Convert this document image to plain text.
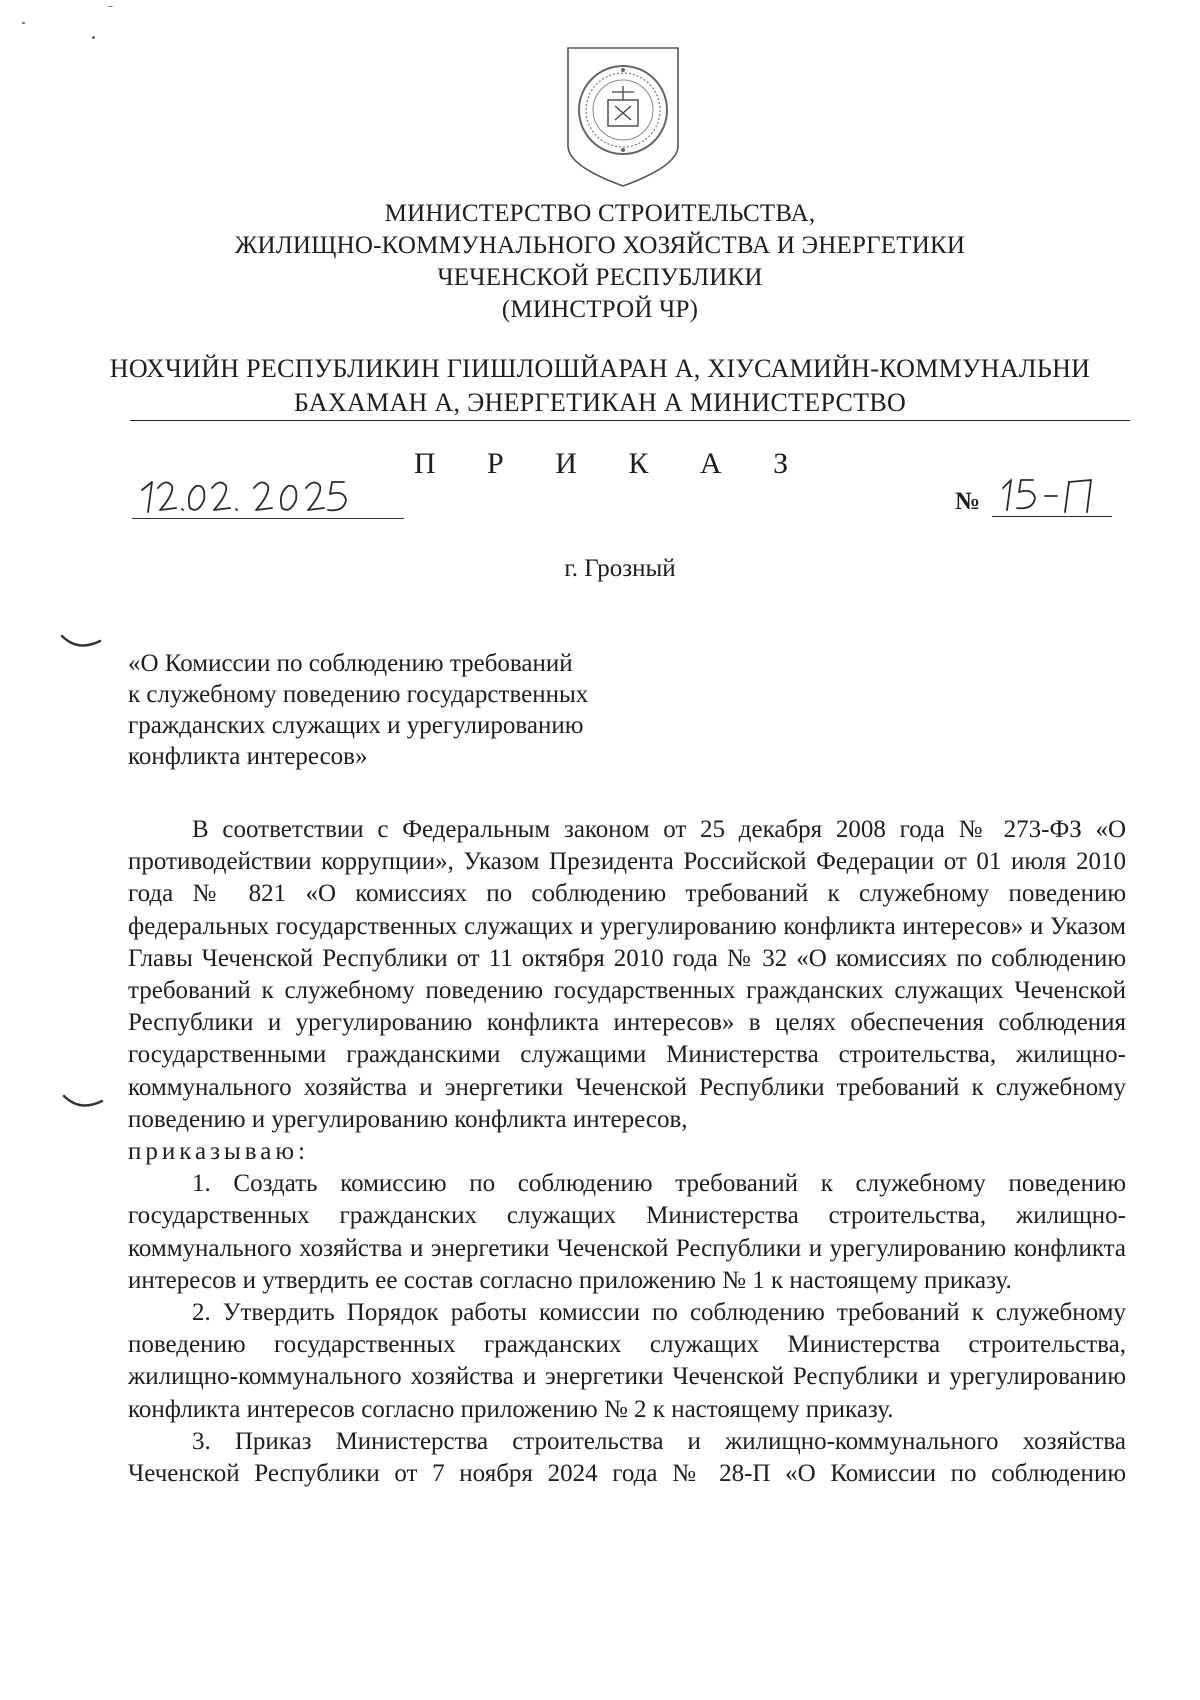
МИНИСТЕРСТВО СТРОИТЕЛЬСТВА,
ЖИЛИЩНО-КОММУНАЛЬНОГО ХОЗЯЙСТВА И ЭНЕРГЕТИКИ
ЧЕЧЕНСКОЙ РЕСПУБЛИКИ
(МИНСТРОЙ ЧР)
НОХЧИЙН РЕСПУБЛИКИН ГIИШЛОШЙАРАН А, ХIУСАМИЙН-КОММУНАЛЬНИ
БАХАМАН А, ЭНЕРГЕТИКАН А МИНИСТЕРСТВО
П Р И К А З
№
г. Грозный
«О Комиссии по соблюдению требований
к служебному поведению государственных
гражданских служащих и урегулированию
конфликта интересов»

В соответствии с Федеральным законом от 25 декабря 2008 года № 273-ФЗ «О противодействии коррупции», Указом Президента Российской Федерации от 01 июля 2010 года № 821 «О комиссиях по соблюдению требований к служебному поведению федеральных государственных служащих и урегулированию конфликта интересов» и Указом Главы Чеченской Республики от 11 октября 2010 года № 32 «О комиссиях по соблюдению требований к служебному поведению государственных гражданских служащих Чеченской Республики и урегулированию конфликта интересов» в целях обеспечения соблюдения государственными гражданскими служащими Министерства строительства, жилищно-коммунального хозяйства и энергетики Чеченской Республики требований к служебному поведению и урегулированию конфликта интересов,

приказываю:

1. Создать комиссию по соблюдению требований к служебному поведению государственных гражданских служащих Министерства строительства, жилищно-коммунального хозяйства и энергетики Чеченской Республики и урегулированию конфликта интересов и утвердить ее состав согласно приложению № 1 к настоящему приказу.

2. Утвердить Порядок работы комиссии по соблюдению требований к служебному поведению государственных гражданских служащих Министерства строительства, жилищно-коммунального хозяйства и энергетики Чеченской Республики и урегулированию конфликта интересов согласно приложению № 2 к настоящему приказу.

3. Приказ Министерства строительства и жилищно-коммунального хозяйства Чеченской Республики от 7 ноября 2024 года № 28-П «О Комиссии по соблюдению
